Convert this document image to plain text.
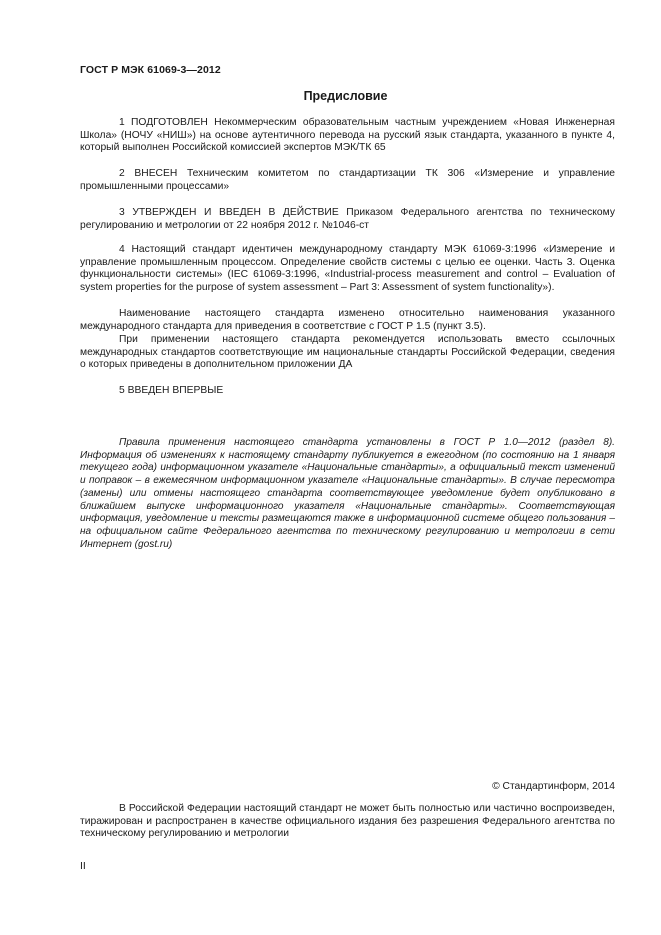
ГОСТ Р МЭК 61069-3—2012
Предисловие

1 ПОДГОТОВЛЕН Некоммерческим образовательным частным учреждением «Новая Инженерная Школа» (НОЧУ «НИШ») на основе аутентичного перевода на русский язык стандарта, указанного в пункте 4, который выполнен Российской комиссией экспертов МЭК/ТК 65

2 ВНЕСЕН Техническим комитетом по стандартизации ТК 306 «Измерение и управление промышленными процессами»

3 УТВЕРЖДЕН И ВВЕДЕН В ДЕЙСТВИЕ Приказом Федерального агентства по техническому регулированию и метрологии от 22 ноября 2012 г. №1046-ст

4 Настоящий стандарт идентичен международному стандарту МЭК 61069-3:1996 «Измерение и управление промышленным процессом. Определение свойств системы с целью ее оценки. Часть 3. Оценка функциональности системы» (IEC 61069-3:1996, «Industrial-process measurement and control – Evaluation of system properties for the purpose of system assessment – Part 3: Assessment of system functionality»).

Наименование настоящего стандарта изменено относительно наименования указанного международного стандарта для приведения в соответствие с ГОСТ Р 1.5 (пункт 3.5).

При применении настоящего стандарта рекомендуется использовать вместо ссылочных международных стандартов соответствующие им национальные стандарты Российской Федерации, сведения о которых приведены в дополнительном приложении ДА

5 ВВЕДЕН ВПЕРВЫЕ

Правила применения настоящего стандарта установлены в ГОСТ Р 1.0—2012 (раздел 8). Информация об изменениях к настоящему стандарту публикуется в ежегодном (по состоянию на 1 января текущего года) информационном указателе «Национальные стандарты», а официальный текст изменений и поправок – в ежемесячном информационном указателе «Национальные стандарты». В случае пересмотра (замены) или отмены настоящего стандарта соответствующее уведомление будет опубликовано в ближайшем выпуске информационного указателя «Национальные стандарты». Соответствующая информация, уведомление и тексты размещаются также в информационной системе общего пользования – на официальном сайте Федерального агентства по техническому регулированию и метрологии в сети Интернет (gost.ru)

© Стандартинформ, 2014

В Российской Федерации настоящий стандарт не может быть полностью или частично воспроизведен, тиражирован и распространен в качестве официального издания без разрешения Федерального агентства по техническому регулированию и метрологии

II
